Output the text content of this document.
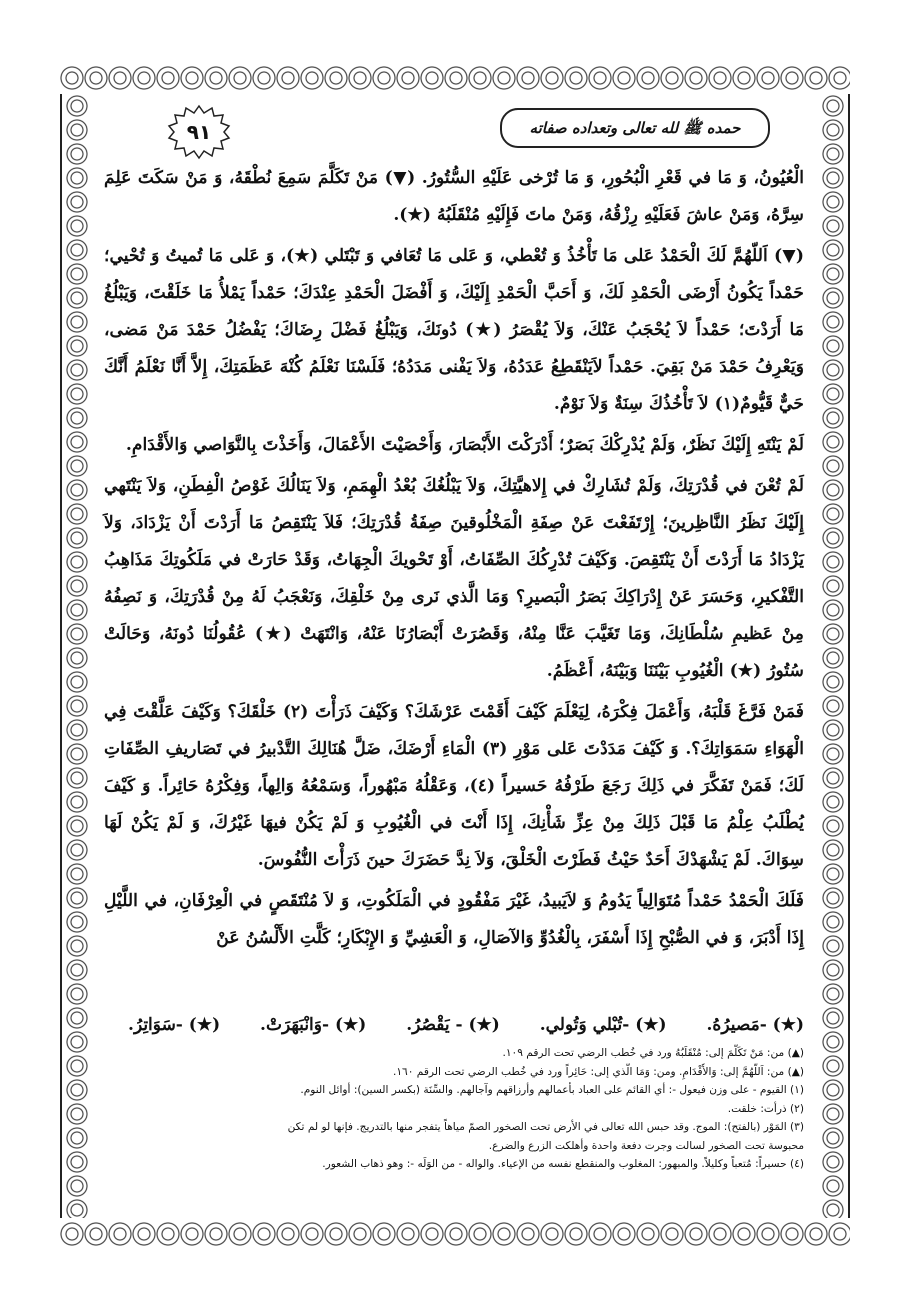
حمده ﷺ لله تعالى وتعداده صفاته
٩١

الْعُيُونُ، وَ مَا في قَعْرِ الْبُحُورِ، وَ مَا تُرْخى عَلَيْهِ السُّتُورُ. (▼) مَنْ تَكَلَّمَ سَمِعَ نُطْقَهُ، وَ مَنْ سَكَتَ عَلِمَ سِرَّهُ، وَمَنْ عاشَ فَعَلَيْهِ رِزْقُهُ، وَمَنْ ماتَ فَإِلَيْهِ مُنْقَلَبُهُ (★).

(▼) اَللّهُمَّ لَكَ الْحَمْدُ عَلى مَا تَأْخُذُ وَ تُعْطي، وَ عَلى مَا تُعَافي وَ تَبْتَلي (★)، وَ عَلى مَا تُميتُ وَ تُحْيي؛ حَمْداً يَكُونُ أَرْضَى الْحَمْدِ لَكَ، وَ أَحَبَّ الْحَمْدِ إِلَيْكَ، وَ أَفْضَلَ الْحَمْدِ عِنْدَكَ؛ حَمْداً يَمْلأُ مَا خَلَقْتَ، وَيَبْلُغُ مَا أَرَدْتَ؛ حَمْداً لاَ يُحْجَبُ عَنْكَ، وَلاَ يُقْصَرُ (★) دُونَكَ، وَيَبْلُغُ فَضْلَ رِضَاكَ؛ يَفْضُلُ حَمْدَ مَنْ مَضى، وَيَعْرِفُ حَمْدَ مَنْ بَقِيَ. حَمْداً لاَيَنْقَطِعُ عَدَدُهُ، وَلاَ يَفْنى مَدَدُهُ؛ فَلَسْنَا نَعْلَمُ كُنْهَ عَظَمَتِكَ، إِلاَّ أَنَّا نَعْلَمُ أَنَّكَ حَيٌّ قَيُّومٌ(١) لاَ تَأْخُذُكَ سِنَةٌ وَلاَ نَوْمٌ.

لَمْ يَنْتَهِ إِلَيْكَ نَظَرٌ، وَلَمْ يُدْرِكْكَ بَصَرٌ؛ أَدْرَكْتَ الأَبْصَارَ، وَأَحْصَيْتَ الأَعْمَالَ، وَأَخَذْتَ بِالنَّوَاصي وَالأَقْدَامِ.

لَمْ تُعْنَ في قُدْرَتِكَ، وَلَمْ تُشَارِكْ في إِلاهيَّتِكَ، وَلاَ يَبْلُغُكَ بُعْدُ الْهِمَمِ، وَلاَ يَنَالُكَ غَوْصُ الْفِطَنِ، وَلاَ يَنْتَهي إِلَيْكَ نَظَرُ النَّاظِرينَ؛ إِرْتَفَعْتَ عَنْ صِفَةِ الْمَخْلُوقينَ صِفَةُ قُدْرَتِكَ؛ فَلاَ يَنْتَقِصُ مَا أَرَدْتَ أَنْ يَزْدَادَ، وَلاَ يَزْدَادُ مَا أَرَدْتَ أَنْ يَنْتَقِصَ. وَكَيْفَ تُدْرِكُكَ الصِّفَاتُ، أَوْ تَحْويكَ الْجِهَاتُ، وَقَدْ حَارَتْ في مَلَكُوتِكَ مَذَاهِبُ التَّفْكيرِ، وَحَسَرَ عَنْ إِدْرَاكِكَ بَصَرُ الْبَصيرِ؟ وَمَا الَّذي نَرى مِنْ خَلْقِكَ، وَنَعْجَبُ لَهُ مِنْ قُدْرَتِكَ، وَ نَصِفُهُ مِنْ عَظيمِ سُلْطَانِكَ، وَمَا تَغَيَّبَ عَنَّا مِنْهُ، وَقَصُرَتْ أَبْصَارُنَا عَنْهُ، وَانْتَهَتْ (★) عُقُولُنَا دُونَهُ، وَحَالَتْ سُتُورُ (★) الْغُيُوبِ بَيْنَنَا وَبَيْنَهُ، أَعْظَمُ.

فَمَنْ فَرَّغَ قَلْبَهُ، وَأَعْمَلَ فِكْرَهُ، لِيَعْلَمَ كَيْفَ أَقَمْتَ عَرْشَكَ؟ وَكَيْفَ ذَرَأْتَ (٢) خَلْقَكَ؟ وَكَيْفَ عَلَّقْتَ فِي الْهَوَاءِ سَمَوَاتِكَ؟. وَ كَيْفَ مَدَدْتَ عَلى مَوْرِ (٣) الْمَاءِ أَرْضَكَ، ضَلَّ هُنَالِكَ التَّدْبيرُ في تَصَاريفِ الصِّفَاتِ لَكَ؛ فَمَنْ تَفَكَّرَ في ذَلِكَ رَجَعَ طَرْفُهُ حَسيراً (٤)، وَعَقْلُهُ مَبْهُوراً، وَسَمْعُهُ وَالِهاً، وَفِكْرُهُ حَائِراً. وَ كَيْفَ يُطْلَبُ عِلْمُ مَا قَبْلَ ذَلِكَ مِنْ عِزِّ شَأْنِكَ، إِذَا أَنْتَ في الْغُيُوبِ وَ لَمْ يَكُنْ فيهَا غَيْرُكَ، وَ لَمْ يَكُنْ لَهَا سِوَاكَ. لَمْ يَشْهَدْكَ أَحَدٌ حَيْثُ فَطَرْتَ الْخَلْقَ، وَلاَ نِدَّ حَضَرَكَ حينَ ذَرَأْتَ النُّفُوسَ.

فَلَكَ الْحَمْدُ حَمْداً مُتَوَالِياً يَدُومُ وَ لاَيَبيدُ، غَيْرَ مَفْقُودٍ في الْمَلَكُوتِ، وَ لاَ مُنْتَقَصٍ في الْعِرْفَانِ، في اللَّيْلِ إِذَا أَدْبَرَ، وَ في الصُّبْحِ إِذَا أَسْفَرَ، بِالْغُدُوِّ وَالآصَالِ، وَ الْعَشِيِّ وَ الإِبْكَارِ؛ كَلَّتِ الأَلْسُنُ عَنْ

(★) -مَصيرُهُ. (★) -تُبْلي وَتُولي. (★) - يَقْصُرُ. (★) -وَانْبَهَرَتْ. (★) -سَوَاتِرُ.
(▲) من: مَنْ تَكَلَّمَ إلى: مُنْقَلَبُهُ ورد في خُطب الرضي تحت الرقم ١٠٩.
(▲) من: اَللّهُمَّ إلى: وَالأَقْدَامِ. ومن: وَمَا الَّذي إلى: حَائِراً ورد في خُطب الرضي تحت الرقم ١٦٠.
(١) القيوم - على وزن فيعول -: أي القائم على العباد بأعمالهم وأرزاقهم وآجالهم. والسِّنَة (بكسر السين): أوائل النوم.
(٢) ذرأت: خلقت.
(٣) المَوْر (بالفتح): الموج. وقد حبس الله تعالى في الأرض تحت الصخور الصمّ مياهاً يتفجر منها بالتدريج. فإنها لو لم تكن
محبوسة تحت الصخور لسالت وجرت دفعة واحدة وأهلكت الزرع والضرع.
(٤) حسيراً: مُتعباً وكليلاً. والمبهور: المغلوب والمنقطع نفسه من الإعياء. والواله - من الوَلَه -: وهو ذهاب الشعور.
